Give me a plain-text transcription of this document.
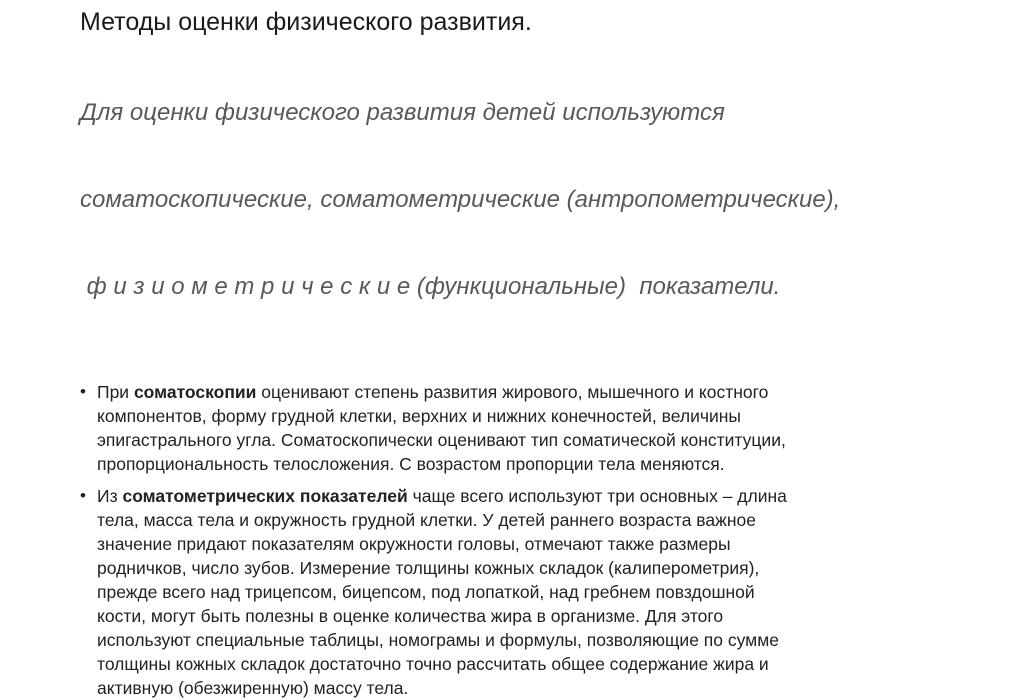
Методы оценки физического развития.

Для оценки физического развития детей используются

соматоскопические, соматометрические (антропометрические),

ф и з и о м е т р и ч е с к и е (функциональные)  показатели.

• При соматоскопии оценивают степень развития жирового, мышечного и костного
компонентов, форму грудной клетки, верхних и нижних конечностей, величины
эпигастрального угла. Соматоскопически оценивают тип соматической конституции,
пропорциональность телосложения. С возрастом пропорции тела меняются.
• Из соматометрических показателей чаще всего используют три основных – длина
тела, масса тела и окружность грудной клетки. У детей раннего возраста важное
значение придают показателям окружности головы, отмечают также размеры
родничков, число зубов. Измерение толщины кожных складок (калиперометрия),
прежде всего над трицепсом, бицепсом, под лопаткой, над гребнем повздошной
кости, могут быть полезны в оценке количества жира в организме. Для этого
используют специальные таблицы, номограмы и формулы, позволяющие по сумме
толщины кожных складок достаточно точно рассчитать общее содержание жира и
активную (обезжиренную) массу тела.
